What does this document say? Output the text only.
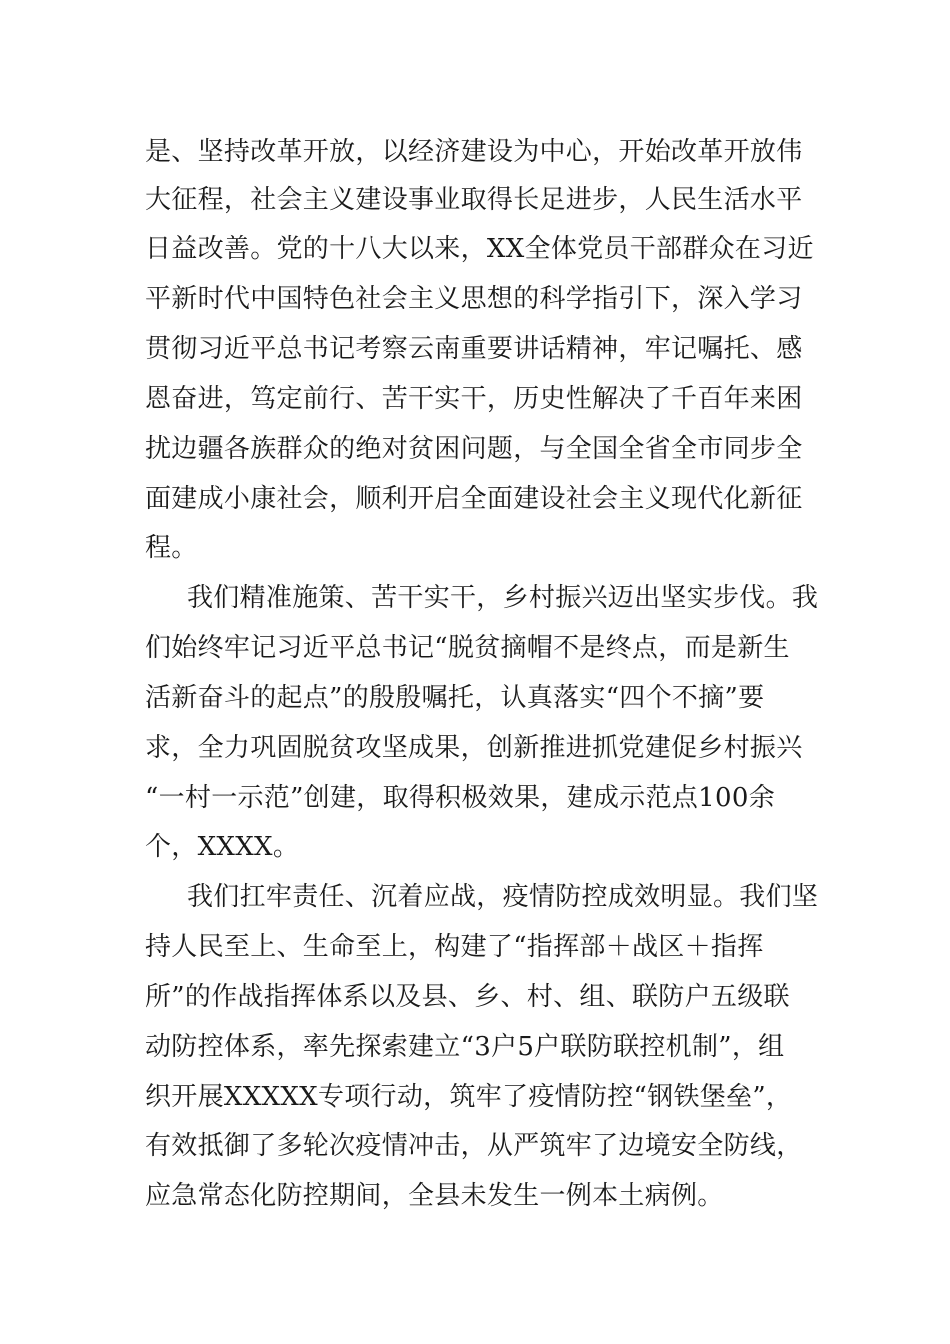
是、坚持改革开放，以经济建设为中心，开始改革开放伟
大征程，社会主义建设事业取得长足进步，人民生活水平
日益改善。党的十八大以来，XX全体党员干部群众在习近
平新时代中国特色社会主义思想的科学指引下，深入学习
贯彻习近平总书记考察云南重要讲话精神，牢记嘱托、感
恩奋进，笃定前行、苦干实干，历史性解决了千百年来困
扰边疆各族群众的绝对贫困问题，与全国全省全市同步全
面建成小康社会，顺利开启全面建设社会主义现代化新征
程。
我们精准施策、苦干实干，乡村振兴迈出坚实步伐。我
们始终牢记习近平总书记“脱贫摘帽不是终点，而是新生
活新奋斗的起点”的殷殷嘱托，认真落实“四个不摘”要
求，全力巩固脱贫攻坚成果，创新推进抓党建促乡村振兴
“一村一示范”创建，取得积极效果，建成示范点100余
个，XXXX。
我们扛牢责任、沉着应战，疫情防控成效明显。我们坚
持人民至上、生命至上，构建了“指挥部＋战区＋指挥
所”的作战指挥体系以及县、乡、村、组、联防户五级联
动防控体系，率先探索建立“3户5户联防联控机制”，组
织开展XXXXX专项行动，筑牢了疫情防控“钢铁堡垒”，
有效抵御了多轮次疫情冲击，从严筑牢了边境安全防线，
应急常态化防控期间，全县未发生一例本土病例。
